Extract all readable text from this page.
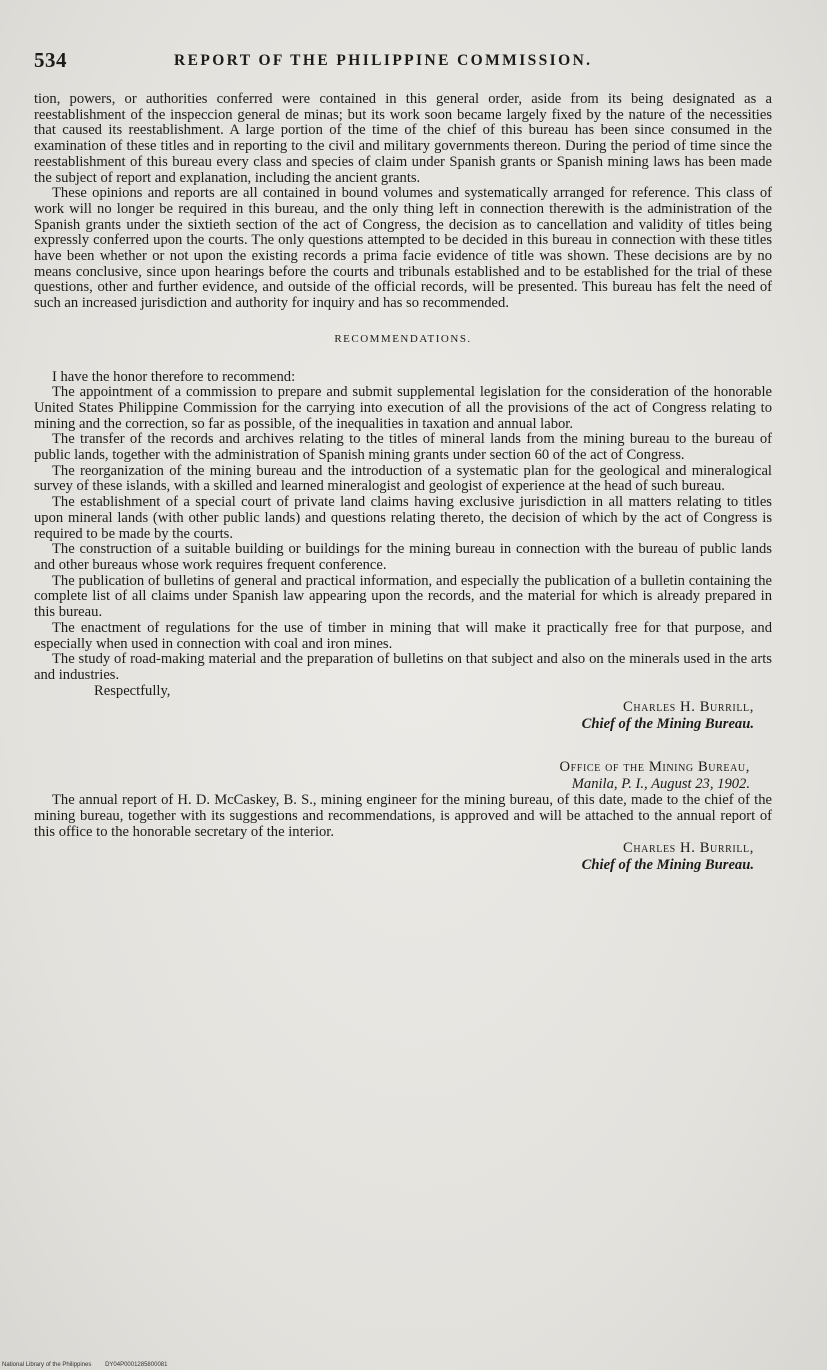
534	REPORT OF THE PHILIPPINE COMMISSION.

tion, powers, or authorities conferred were contained in this general order, aside from its being designated as a reestablishment of the inspeccion general de minas; but its work soon became largely fixed by the nature of the necessities that caused its reestablishment. A large portion of the time of the chief of this bureau has been since consumed in the examination of these titles and in reporting to the civil and military governments thereon. During the period of time since the reestablishment of this bureau every class and species of claim under Spanish grants or Spanish mining laws has been made the subject of report and explanation, including the ancient grants.

These opinions and reports are all contained in bound volumes and systematically arranged for reference. This class of work will no longer be required in this bureau, and the only thing left in connection therewith is the administration of the Spanish grants under the sixtieth section of the act of Congress, the decision as to cancellation and validity of titles being expressly conferred upon the courts. The only questions attempted to be decided in this bureau in connection with these titles have been whether or not upon the existing records a prima facie evidence of title was shown. These decisions are by no means conclusive, since upon hearings before the courts and tribunals established and to be established for the trial of these questions, other and further evidence, and outside of the official records, will be presented. This bureau has felt the need of such an increased jurisdiction and authority for inquiry and has so recommended.

RECOMMENDATIONS.

I have the honor therefore to recommend:

The appointment of a commission to prepare and submit supplemental legislation for the consideration of the honorable United States Philippine Commission for the carrying into execution of all the provisions of the act of Congress relating to mining and the correction, so far as possible, of the inequalities in taxation and annual labor.

The transfer of the records and archives relating to the titles of mineral lands from the mining bureau to the bureau of public lands, together with the administration of Spanish mining grants under section 60 of the act of Congress.

The reorganization of the mining bureau and the introduction of a systematic plan for the geological and mineralogical survey of these islands, with a skilled and learned mineralogist and geologist of experience at the head of such bureau.

The establishment of a special court of private land claims having exclusive jurisdiction in all matters relating to titles upon mineral lands (with other public lands) and questions relating thereto, the decision of which by the act of Congress is required to be made by the courts.

The construction of a suitable building or buildings for the mining bureau in connection with the bureau of public lands and other bureaus whose work requires frequent conference.

The publication of bulletins of general and practical information, and especially the publication of a bulletin containing the complete list of all claims under Spanish law appearing upon the records, and the material for which is already prepared in this bureau.

The enactment of regulations for the use of timber in mining that will make it practically free for that purpose, and especially when used in connection with coal and iron mines.

The study of road-making material and the preparation of bulletins on that subject and also on the minerals used in the arts and industries.

Respectfully,

Charles H. Burrill,
Chief of the Mining Bureau.
Office of the Mining Bureau,
Manila, P. I., August 23, 1902.

The annual report of H. D. McCaskey, B. S., mining engineer for the mining bureau, of this date, made to the chief of the mining bureau, together with its suggestions and recommendations, is approved and will be attached to the annual report of this office to the honorable secretary of the interior.

Charles H. Burrill,
Chief of the Mining Bureau.
National Library of the Philippines DY04P0001285800081
